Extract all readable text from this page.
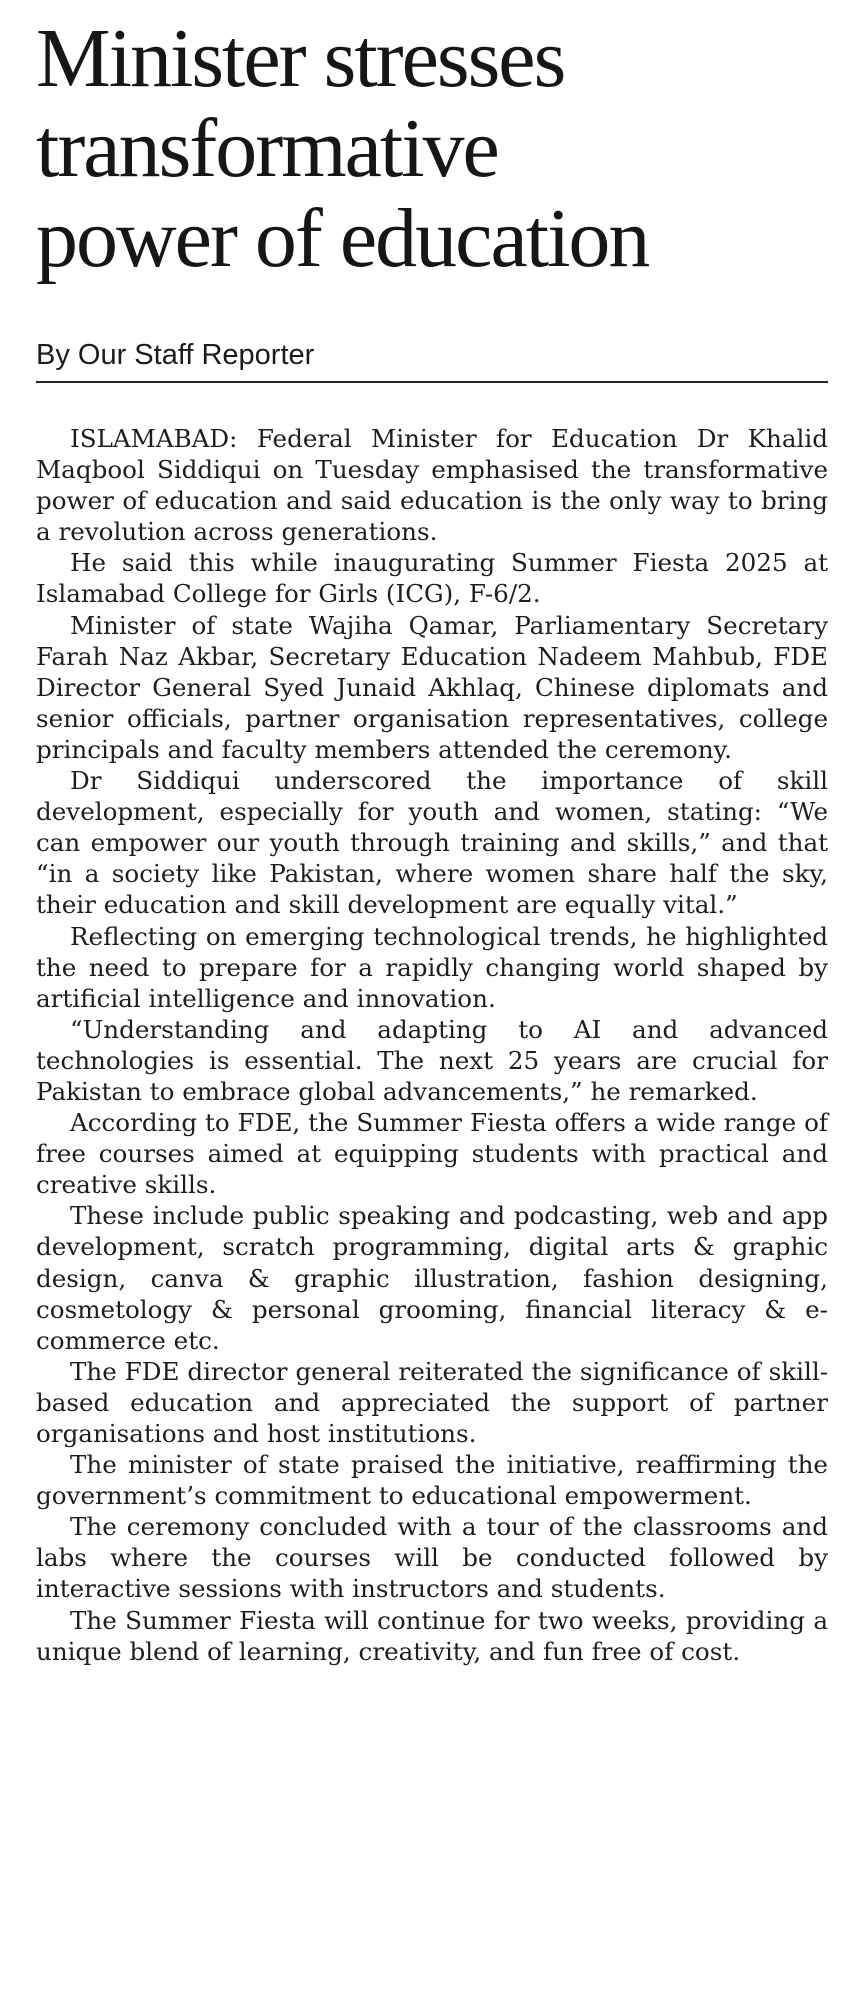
Minister stresses
transformative
power of education
By Our Staff Reporter

ISLAMABAD: Federal Minister for Education Dr Khalid Maqbool Siddiqui on Tuesday emphasised the transformative power of education and said education is the only way to bring a revolution across generations.

He said this while inaugurating Summer Fiesta 2025 at Islamabad College for Girls (ICG), F-6/2.

Minister of state Wajiha Qamar, Parliamentary Secretary Farah Naz Akbar, Secretary Education Nadeem Mahbub, FDE Director General Syed Junaid Akhlaq, Chinese diplomats and senior officials, partner organisation representatives, college principals and faculty members attended the ceremony.

Dr Siddiqui underscored the importance of skill development, especially for youth and women, stating: “We can empower our youth through training and skills,” and that “in a society like Pakistan, where women share half the sky, their education and skill development are equally vital.”

Reflecting on emerging technological trends, he highlighted the need to prepare for a rapidly changing world shaped by artificial intelligence and innovation.

“Understanding and adapting to AI and advanced technologies is essential. The next 25 years are crucial for Pakistan to embrace global advancements,” he remarked.

According to FDE, the Summer Fiesta offers a wide range of free courses aimed at equipping students with practical and creative skills.

These include public speaking and podcasting, web and app development, scratch programming, digital arts & graphic design, canva & graphic illustration, fashion designing, cosmetology & personal grooming, financial literacy & e-commerce etc.

The FDE director general reiterated the significance of skill-based education and appreciated the support of partner organisations and host institutions.

The minister of state praised the initiative, reaffirming the government’s commitment to educational empowerment.

The ceremony concluded with a tour of the classrooms and labs where the courses will be conducted followed by interactive sessions with instructors and students.

The Summer Fiesta will continue for two weeks, providing a unique blend of learning, creativity, and fun free of cost.
